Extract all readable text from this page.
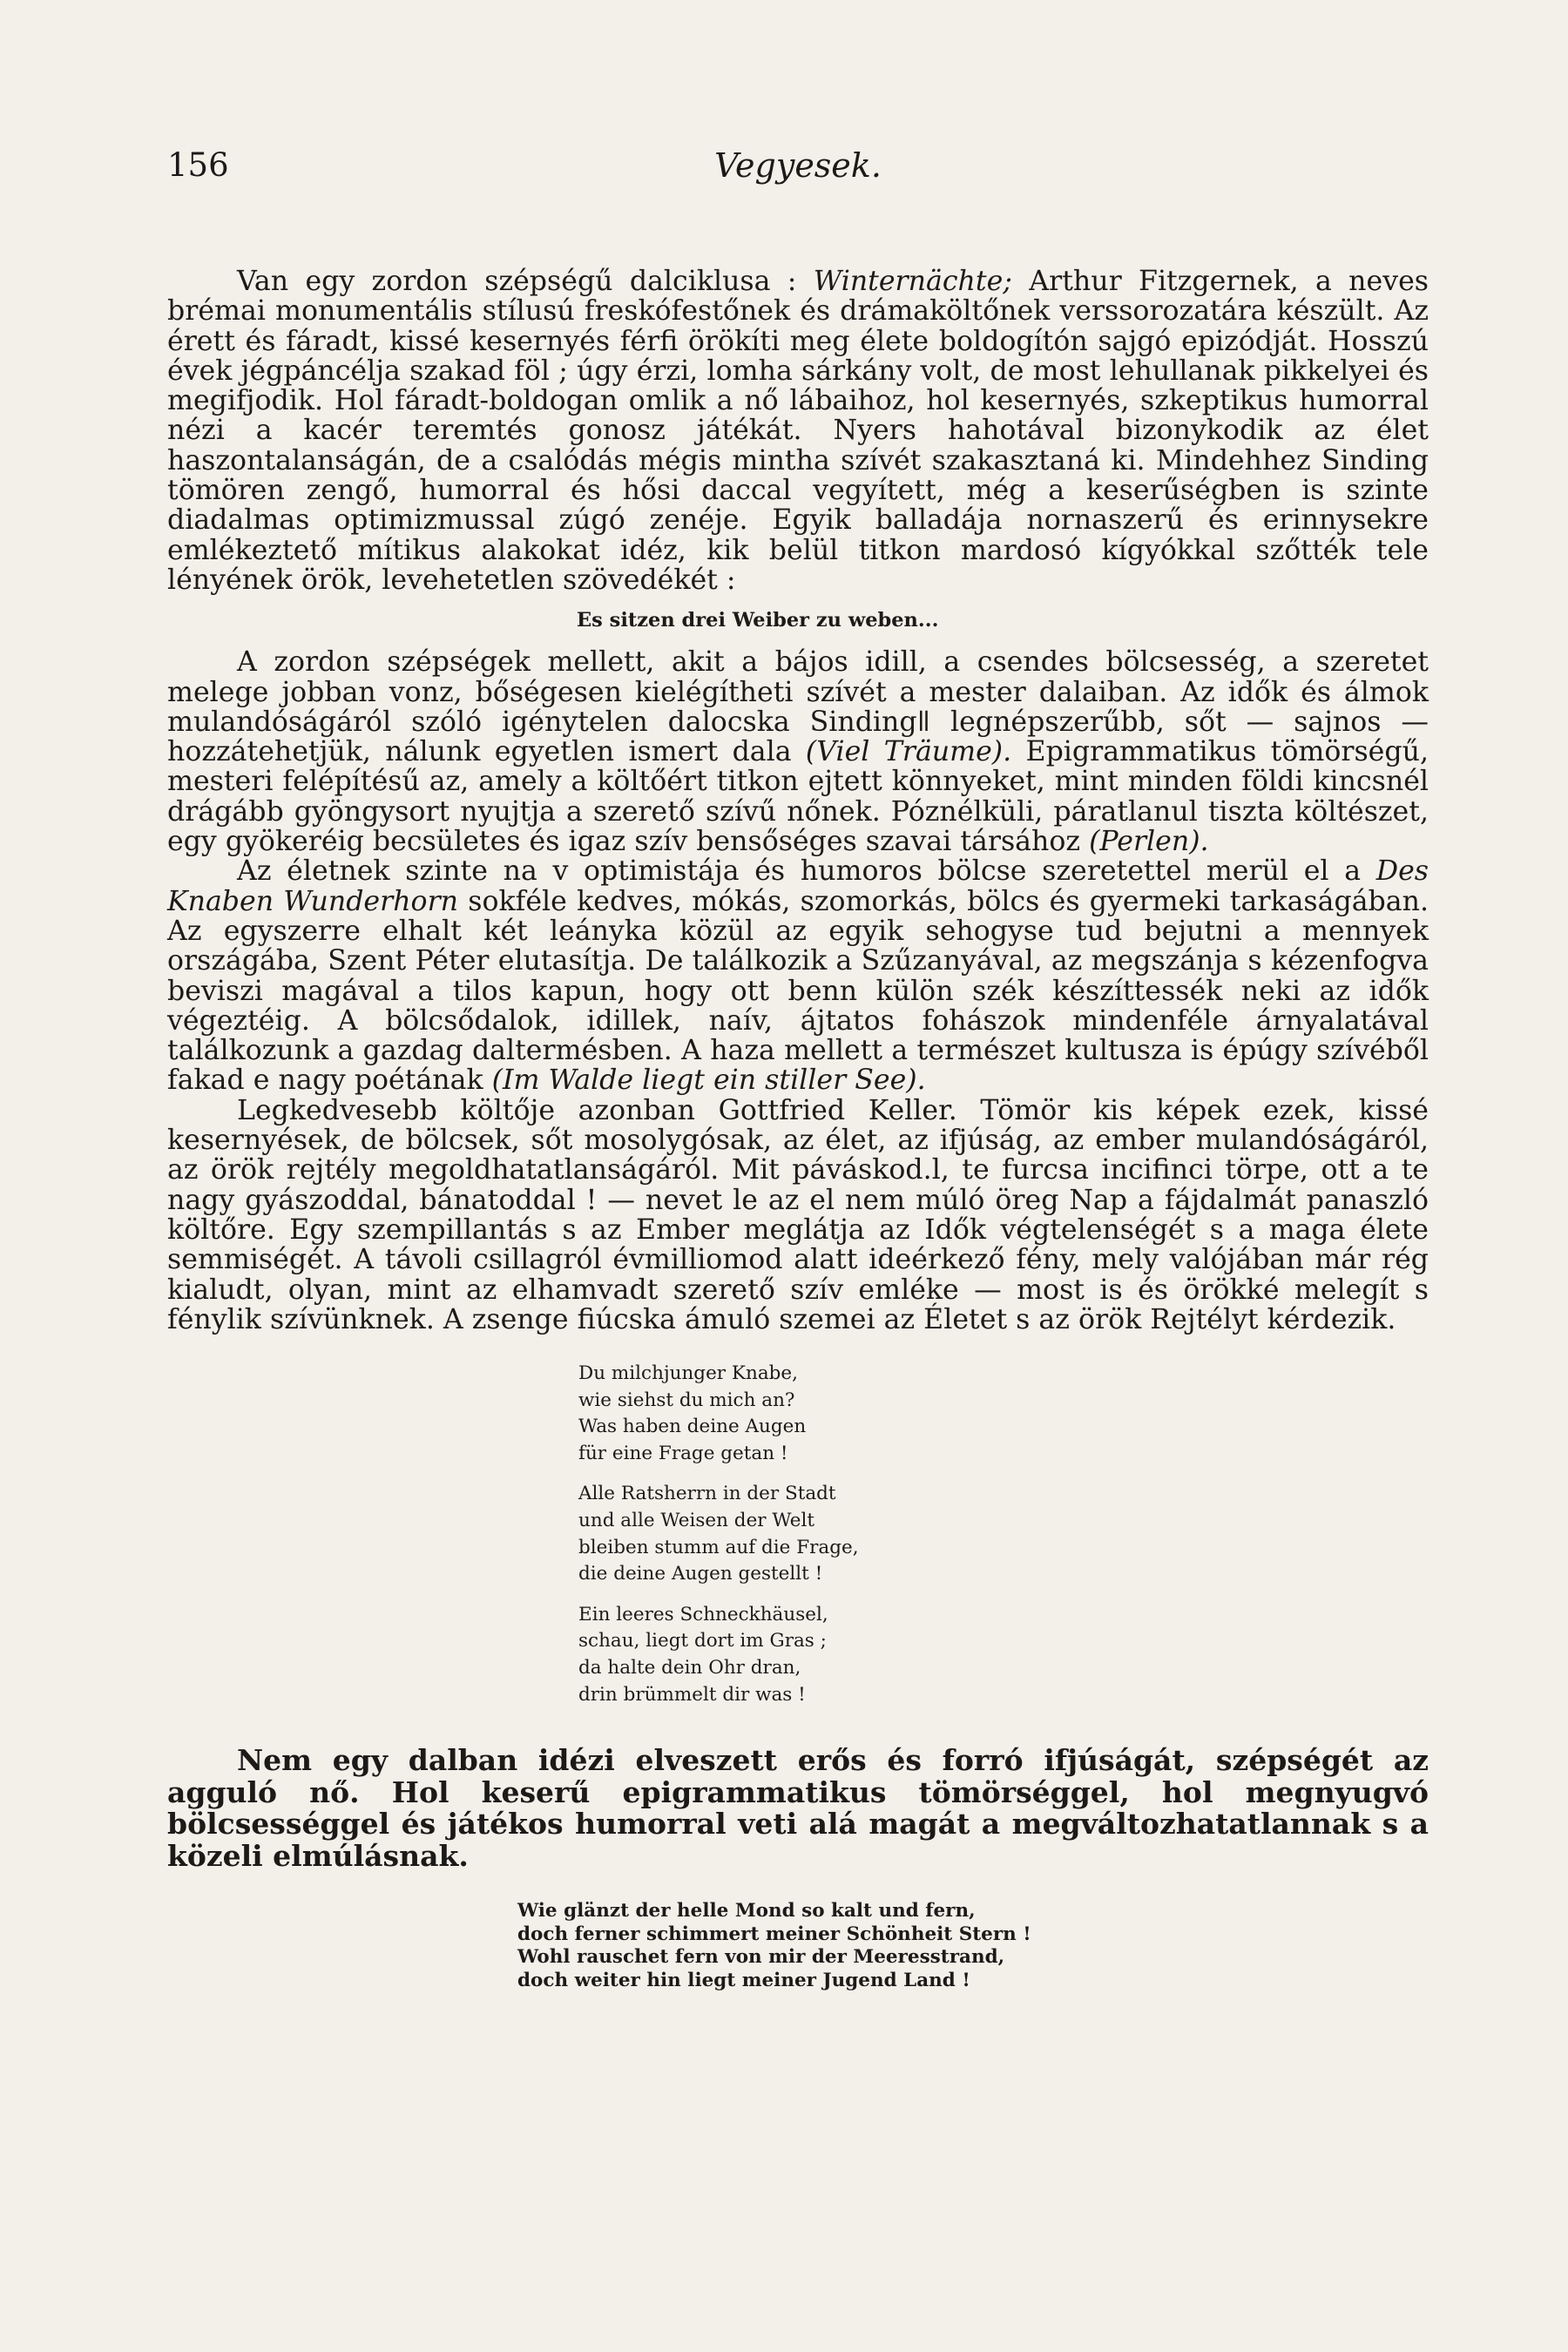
156	Vegyesek.

Van egy zordon szépségű dalciklusa : Winternächte; Arthur Fitzgernek, a neves brémai monumentális stílusú freskófestőnek és drámaköltőnek verssorozatára készült. Az érett és fáradt, kissé kesernyés férfi örökíti meg élete boldogítón sajgó epizódját. Hosszú évek jégpáncélja szakad föl ; úgy érzi, lomha sárkány volt, de most lehullanak pikkelyei és megifjodik. Hol fáradt-boldogan omlik a nő lábaihoz, hol kesernyés, szkeptikus humorral nézi a kacér teremtés gonosz játékát. Nyers hahotával bizonykodik az élet haszontalanságán, de a csalódás mégis mintha szívét szakasztaná ki. Mindehhez Sinding tömören zengő, humorral és hősi daccal vegyített, még a keserűségben is szinte diadalmas optimizmussal zúgó zenéje. Egyik balladája nornaszerű és erinnysekre emlékeztető mítikus alakokat idéz, kik belül titkon mardosó kígyókkal szőtték tele lényének örök, levehetetlen szövedékét :

Es sitzen drei Weiber zu weben...

A zordon szépségek mellett, akit a bájos idill, a csendes bölcsesség, a szeretet melege jobban vonz, bőségesen kielégítheti szívét a mester dalaiban. Az idők és álmok mulandóságáról szóló igénytelen dalocska Sindingǁ legnépszerűbb, sőt — sajnos — hozzátehetjük, nálunk egyetlen ismert dala (Viel Träume). Epigrammatikus tömörségű, mesteri felépítésű az, amely a költőért titkon ejtett könnyeket, mint minden földi kincsnél drágább gyöngysort nyujtja a szerető szívű nőnek. Póznélküli, páratlanul tiszta költészet, egy gyökeréig becsületes és igaz szív bensőséges szavai társához (Perlen).

Az életnek szinte na v optimistája és humoros bölcse szeretettel merül el a Des Knaben Wunderhorn sokféle kedves, mókás, szomorkás, bölcs és gyermeki tarkaságában. Az egyszerre elhalt két leányka közül az egyik sehogyse tud bejutni a mennyek országába, Szent Péter elutasítja. De találkozik a Szűzanyával, az megszánja s kézenfogva beviszi magával a tilos kapun, hogy ott benn külön szék készíttessék neki az idők végeztéig. A bölcsődalok, idillek, naív, ájtatos fohászok mindenféle árnyalatával találkozunk a gazdag daltermésben. A haza mellett a természet kultusza is épúgy szívéből fakad e nagy poétának (Im Walde liegt ein stiller See).

Legkedvesebb költője azonban Gottfried Keller. Tömör kis képek ezek, kissé kesernyések, de bölcsek, sőt mosolygósak, az élet, az ifjúság, az ember mulandóságáról, az örök rejtély megoldhatatlanságáról. Mit páváskod.l, te furcsa incifinci törpe, ott a te nagy gyászoddal, bánatoddal ! — nevet le az el nem múló öreg Nap a fájdalmát panaszló költőre. Egy szempillantás s az Ember meglátja az Idők végtelenségét s a maga élete semmiségét. A távoli csillagról évmilliomod alatt ideérkező fény, mely valójában már rég kialudt, olyan, mint az elhamvadt szerető szív emléke — most is és örökké melegít s fénylik szívünknek. A zsenge fiúcska ámuló szemei az Életet s az örök Rejtélyt kérdezik.

Du milchjunger Knabe,
wie siehst du mich an?
Was haben deine Augen
für eine Frage getan !
Alle Ratsherrn in der Stadt
und alle Weisen der Welt
bleiben stumm auf die Frage,
die deine Augen gestellt !
Ein leeres Schneckhäusel,
schau, liegt dort im Gras ;
da halte dein Ohr dran,
drin brümmelt dir was !

Nem egy dalban idézi elveszett erős és forró ifjúságát, szépségét az agguló nő. Hol keserű epigrammatikus tömörséggel, hol megnyugvó bölcsességgel és játékos humorral veti alá magát a megváltozhatatlannak s a közeli elmúlásnak.

Wie glänzt der helle Mond so kalt und fern,
doch ferner schimmert meiner Schönheit Stern !
Wohl rauschet fern von mir der Meeresstrand,
doch weiter hin liegt meiner Jugend Land !
